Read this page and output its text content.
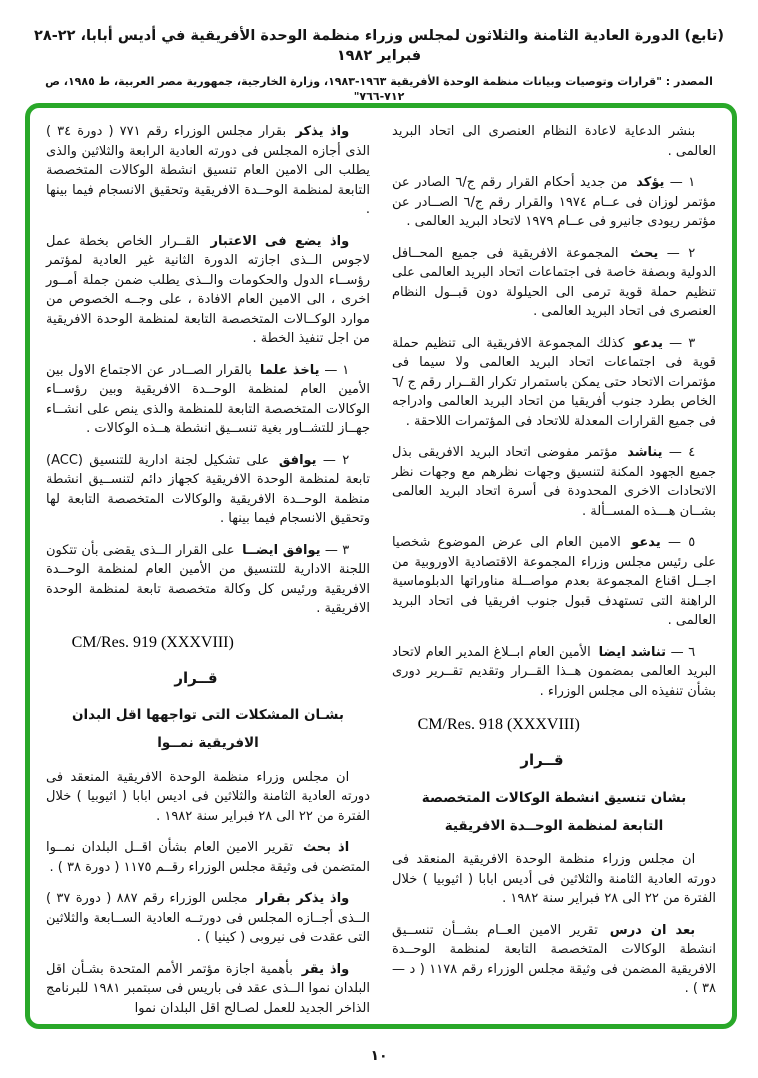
(تابع) الدورة العادية الثامنة والثلاثون لمجلس وزراء منظمة الوحدة الأفريقية في أديس أبابا، ٢٢-٢٨ فبراير ١٩٨٢
المصدر : "قرارات وتوصيات وبيانات منظمة الوحدة الأفريقية ١٩٦٣-١٩٨٣، وزارة الخارجية، جمهورية مصر العربية، ط ١٩٨٥، ص ٧١٢-٧٦٦"

بنشر الدعاية لاعادة النظام العنصرى الى اتحاد البريد العالمى .

١ — يؤكد من جديد أحكام القرار رقم ج/٦ الصادر عن مؤتمر لوزان فى عــام ١٩٧٤ والقرار رقم ج/٦ الصــادر عن مؤتمر ريودى جانيرو فى عــام ١٩٧٩ لاتحاد البريد العالمى .

٢ — يحث المجموعة الافريقية فى جميع المحــافل الدولية وبصفة خاصة فى اجتماعات اتحاد البريد العالمى على تنظيم حملة قوية ترمى الى الحيلولة دون قبــول النظام العنصرى فى اتحاد البريد العالمى .

٣ — يدعو كذلك المجموعة الافريقية الى تنظيم حملة قوية فى اجتماعات اتحاد البريد العالمى ولا سيما فى مؤتمرات الاتحاد حتى يمكن باستمرار تكرار القــرار رقم ج /٦ الخاص بطرد جنوب أفريقيا من اتحاد البريد العالمى وادراجه فى جميع القرارات المعدلة للاتحاد فى المؤتمرات اللاحقة .

٤ — يناشد مؤتمر مفوضى اتحاد البريد الافريقى بذل جميع الجهود المكنة لتنسيق وجهات نظرهم مع وجهات نظر الاتحادات الاخرى المحدودة فى أسرة اتحاد البريد العالمى بشــان هـــذه المســألة .

٥ — يدعو الامين العام الى عرض الموضوع شخصيا على رئيس مجلس وزراء المجموعة الاقتصادية الاوروبية من اجــل اقناع المجموعة بعدم مواصــلة مناوراتها الدبلوماسية الراهنة التى تستهدف قبول جنوب افريقيا فى اتحاد البريد العالمى .

٦ — تناشد ايضا الأمين العام ابــلاغ المدير العام لاتحاد البريد العالمى بمضمون هــذا القــرار وتقديم تقــرير دورى بشأن تنفيذه الى مجلس الوزراء .

CM/Res. 918 (XXXVIII)

قــرار

بشان تنسيق انشطة الوكالات المتخصصة
التابعة لمنظمة الوحــدة الافريقية

ان مجلس وزراء منظمة الوحدة الافريقية المنعقد فى دورته العادية الثامنة والثلاثين فى أديس ابابا ( اثيوبيا ) خلال الفترة من ٢٢ الى ٢٨ فبراير سنة ١٩٨٢ .

بعد ان درس تقرير الامين العــام بشــأن تنســيق انشطة الوكالات المتخصصة التابعة لمنظمة الوحــدة الافريقية المضمن فى وثيقة مجلس الوزراء رقم ١١٧٨ ( د — ٣٨ ) .

واذ يذكر بقرار مجلس الوزراء رقم ٧٧١ ( دورة ٣٤ ) الذى أجازه المجلس فى دورته العادية الرابعة والثلاثين والذى يطلب الى الامين العام تنسيق انشطة الوكالات المتخصصة التابعة لمنظمة الوحــدة الافريقية وتحقيق الانسجام فيما بينها .

واذ يضع فى الاعتبار القــرار الخاص بخطة عمل لاجوس الــذى اجازته الدورة الثانية غير العادية لمؤتمر رؤســاء الدول والحكومات والــذى يطلب ضمن جملة أمــور اخرى ، الى الامين العام الافادة ، على وجــه الخصوص من موارد الوكــالات المتخصصة التابعة لمنظمة الوحدة الافريقية من اجل تنفيذ الخطة .

١ — ياخذ علما بالقرار الصــادر عن الاجتماع الاول بين الأمين العام لمنظمة الوحــدة الافريقية وبين رؤســاء الوكالات المتخصصة التابعة للمنظمة والذى ينص على انشــاء جهــاز للتشــاور بغية تنســيق انشطة هــذه الوكالات .

٢ — يوافق على تشكيل لجنة ادارية للتنسيق (ACC) تابعة لمنظمة الوحدة الافريقية كجهاز دائم لتنســيق انشطة منظمة الوحــدة الافريقية والوكالات المتخصصة التابعة لها وتحقيق الانسجام فيما بينها .

٣ — يوافق ايضــا على القرار الــذى يقضى بأن تتكون اللجنة الادارية للتنسيق من الأمين العام لمنظمة الوحــدة الافريقية ورئيس كل وكالة متخصصة تابعة لمنظمة الوحدة الافريقية .

CM/Res. 919 (XXXVIII)

قــرار

بشـان المشكلات التى تواجهها اقل البدان
الافريقية نمــوا

ان مجلس وزراء منظمة الوحدة الافريقية المنعقد فى دورته العادية الثامنة والثلاثين فى اديس ابابا ( اثيوبيا ) خلال الفترة من ٢٢ الى ٢٨ فبراير سنة ١٩٨٢ .

اذ بحث تقرير الامين العام بشأن اقــل البلدان نمــوا المتضمن فى وثيقة مجلس الوزراء رقــم ١١٧٥ ( دورة ٣٨ ) .

واذ يذكر بقرار مجلس الوزراء رقم ٨٨٧ ( دورة ٣٧ ) الــذى أجــازه المجلس فى دورتــه العادية الســابعة والثلاثين التى عقدت فى نيروبى ( كينيا ) .

واذ يقر بأهمية اجازة مؤتمر الأمم المتحدة بشـأن اقل البلدان نموا الــذى عقد فى باريس فى سبتمبر ١٩٨١ للبرنامج الذاخر الجديد للعمل لصـالح اقل البلدان نموا

١٠
